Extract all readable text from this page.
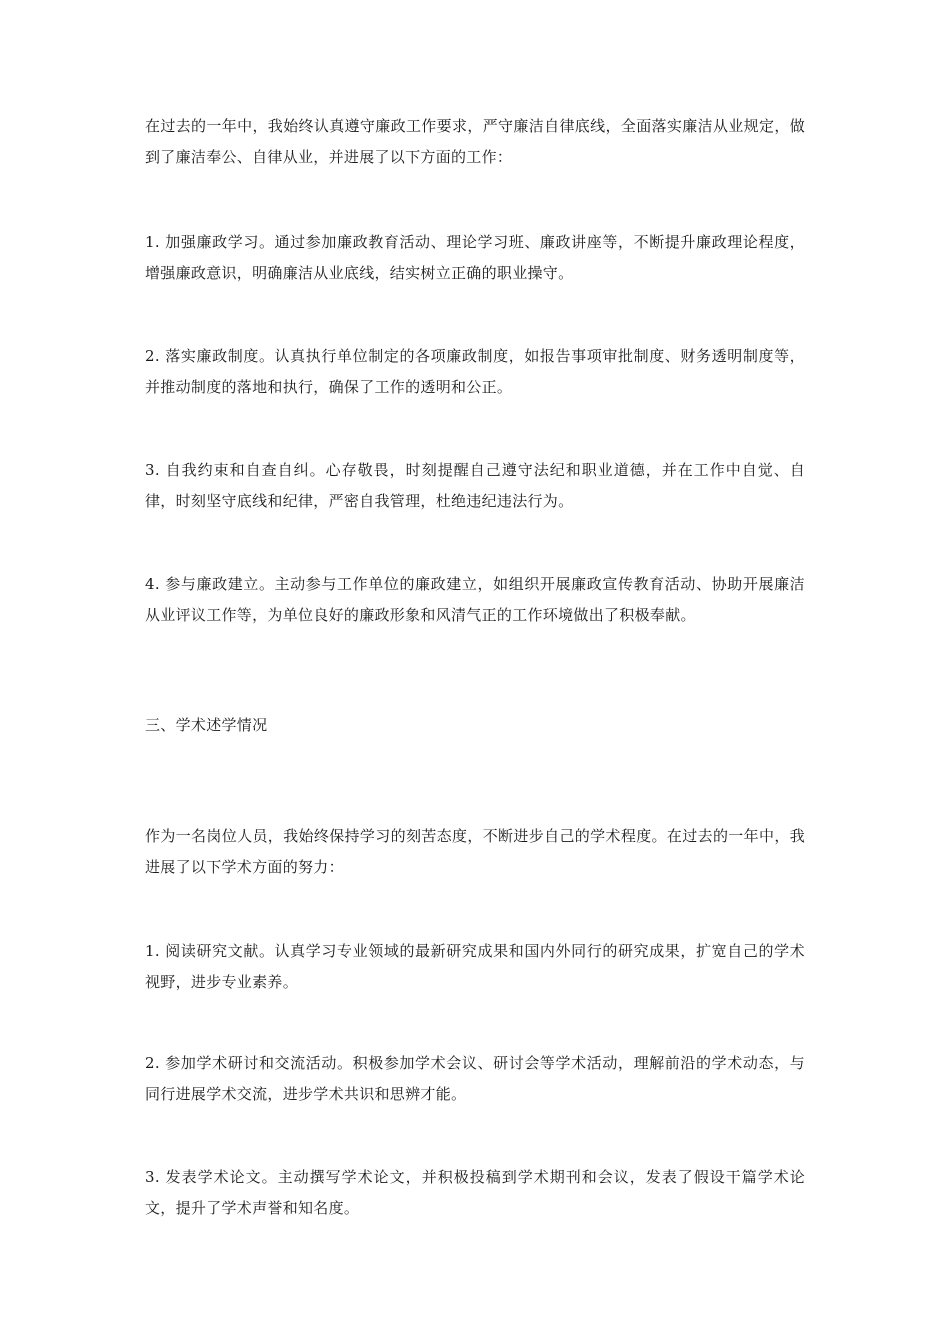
在过去的一年中，我始终认真遵守廉政工作要求，严守廉洁自律底线，全面落实廉洁从业规定，做到了廉洁奉公、自律从业，并进展了以下方面的工作：

1. 加强廉政学习。通过参加廉政教育活动、理论学习班、廉政讲座等，不断提升廉政理论程度，增强廉政意识，明确廉洁从业底线，结实树立正确的职业操守。

2. 落实廉政制度。认真执行单位制定的各项廉政制度，如报告事项审批制度、财务透明制度等，并推动制度的落地和执行，确保了工作的透明和公正。

3. 自我约束和自查自纠。心存敬畏，时刻提醒自己遵守法纪和职业道德，并在工作中自觉、自律，时刻坚守底线和纪律，严密自我管理，杜绝违纪违法行为。

4. 参与廉政建立。主动参与工作单位的廉政建立，如组织开展廉政宣传教育活动、协助开展廉洁从业评议工作等，为单位良好的廉政形象和风清气正的工作环境做出了积极奉献。

三、学术述学情况

作为一名岗位人员，我始终保持学习的刻苦态度，不断进步自己的学术程度。在过去的一年中，我进展了以下学术方面的努力：

1. 阅读研究文献。认真学习专业领域的最新研究成果和国内外同行的研究成果，扩宽自己的学术视野，进步专业素养。

2. 参加学术研讨和交流活动。积极参加学术会议、研讨会等学术活动，理解前沿的学术动态，与同行进展学术交流，进步学术共识和思辨才能。

3. 发表学术论文。主动撰写学术论文，并积极投稿到学术期刊和会议，发表了假设干篇学术论文，提升了学术声誉和知名度。
